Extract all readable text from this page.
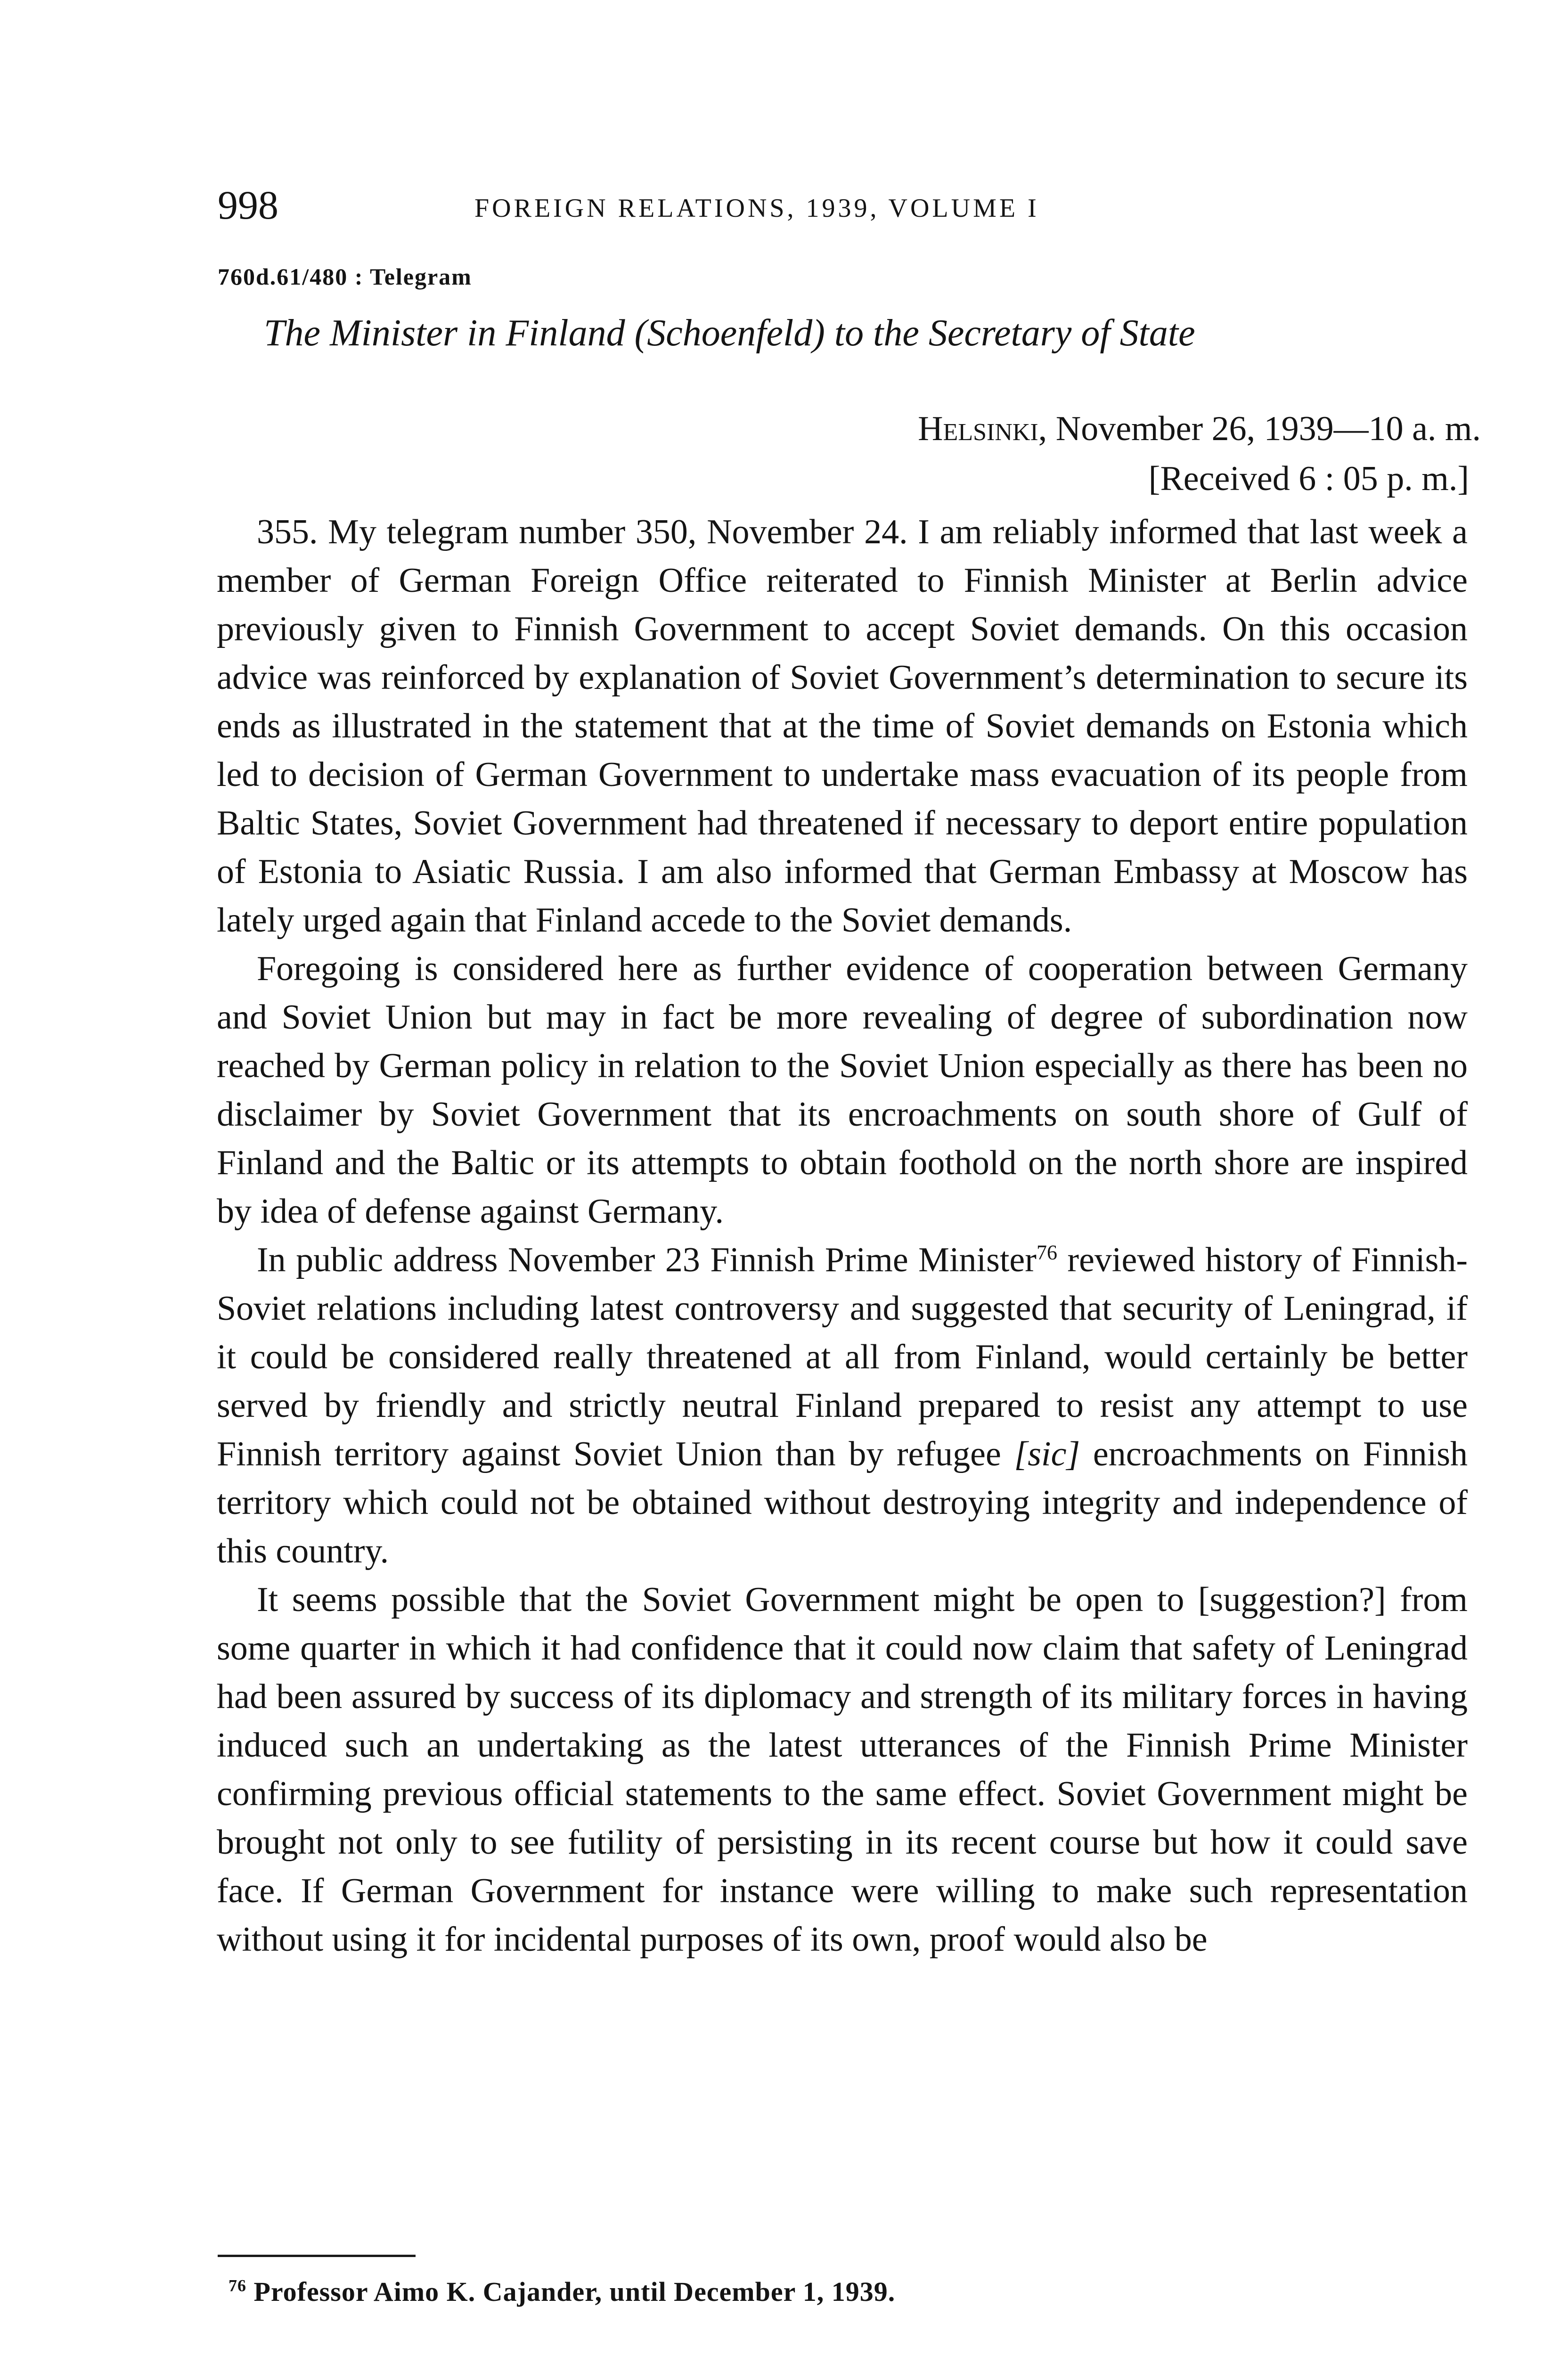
998	FOREIGN RELATIONS, 1939, VOLUME I
760d.61/480 : Telegram
The Minister in Finland (Schoenfeld) to the Secretary of State
Helsinki, November 26, 1939—10 a. m.
[Received 6 : 05 p. m.]

355. My telegram number 350, November 24. I am reliably informed that last week a member of German Foreign Office reiterated to Finnish Minister at Berlin advice previously given to Finnish Government to accept Soviet demands. On this occasion advice was reinforced by explanation of Soviet Government’s determination to secure its ends as illustrated in the statement that at the time of Soviet demands on Estonia which led to decision of German Government to undertake mass evacuation of its people from Baltic States, Soviet Government had threatened if necessary to deport entire population of Estonia to Asiatic Russia. I am also informed that German Embassy at Moscow has lately urged again that Finland accede to the Soviet demands.

Foregoing is considered here as further evidence of cooperation between Germany and Soviet Union but may in fact be more revealing of degree of subordination now reached by German policy in relation to the Soviet Union especially as there has been no disclaimer by Soviet Government that its encroachments on south shore of Gulf of Finland and the Baltic or its attempts to obtain foothold on the north shore are inspired by idea of defense against Germany.

In public address November 23 Finnish Prime Minister$^{76}$ reviewed history of Finnish-Soviet relations including latest controversy and suggested that security of Leningrad, if it could be considered really threatened at all from Finland, would certainly be better served by friendly and strictly neutral Finland prepared to resist any attempt to use Finnish territory against Soviet Union than by refugee [sic] encroachments on Finnish territory which could not be obtained without destroying integrity and independence of this country.

It seems possible that the Soviet Government might be open to [suggestion?] from some quarter in which it had confidence that it could now claim that safety of Leningrad had been assured by success of its diplomacy and strength of its military forces in having induced such an undertaking as the latest utterances of the Finnish Prime Minister confirming previous official statements to the same effect. Soviet Government might be brought not only to see futility of persisting in its recent course but how it could save face. If German Government for instance were willing to make such representation without using it for incidental purposes of its own, proof would also be

$^{76}$ Professor Aimo K. Cajander, until December 1, 1939.
